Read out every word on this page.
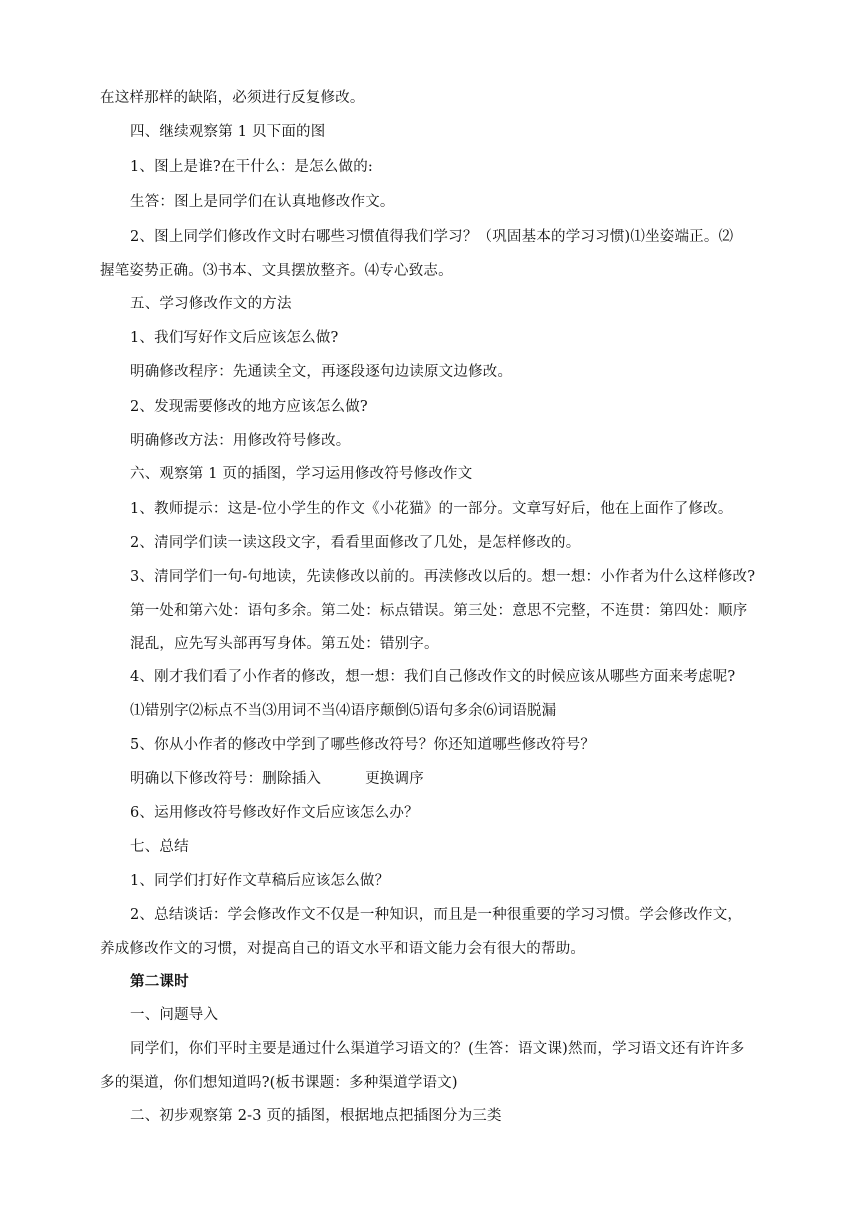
在这样那样的缺陷，必须进行反复修改。
四、继续观察第 1 贝下面的图
1、图上是谁?在干什么：是怎么做的:
生答：图上是同学们在认真地修改作文。
2、图上同学们修改作文时右哪些习惯值得我们学习？（巩固基本的学习习惯)⑴坐姿端正。⑵
握笔姿势正确。⑶书本、文具摆放整齐。⑷专心致志。
五、学习修改作文的方法
1、我们写好作文后应该怎么做?
明确修改程序：先通读全文，再逐段逐句边读原文边修改。
2、发现需要修改的地方应该怎么做?
明确修改方法：用修改符号修改。
六、观察第 1 页的插图，学习运用修改符号修改作文
1、教师提示：这是-位小学生的作文《小花猫》的一部分。文章写好后，他在上面作了修改。
2、清同学们读一读这段文字，看看里面修改了几处，是怎样修改的。
3、清同学们一句-句地读，先读修改以前的。再渎修改以后的。想一想：小作者为什么这样修改?
第一处和第六处：语句多余。第二处：标点错误。第三处：意思不完整，不连贯：第四处：顺序
混乱，应先写头部再写身体。第五处：错别字。
4、刚才我们看了小作者的修改，想一想：我们自己修改作文的时候应该从哪些方面来考虑呢?
⑴错别字⑵标点不当⑶用词不当⑷语序颠倒⑸语句多余⑹词语脱漏
5、你从小作者的修改中学到了哪些修改符号？你还知道哪些修改符号？
明确以下修改符号：删除插入	更换调序
6、运用修改符号修改好作文后应该怎么办？
七、总结
1、同学们打好作文草稿后应该怎么做？
2、总结谈话：学会修改作文不仅是一种知识，而且是一种很重要的学习习惯。学会修改作文，
养成修改作文的习惯，对提高自己的语文水平和语文能力会有很大的帮助。
第二课时
一、问题导入
同学们，你们平时主要是通过什么渠道学习语文的？(生答：语文课)然而，学习语文还有许许多
多的渠道，你们想知道吗?(板书课题：多种渠道学语文)
二、初步观察第 2-3 页的插图，根据地点把插图分为三类
